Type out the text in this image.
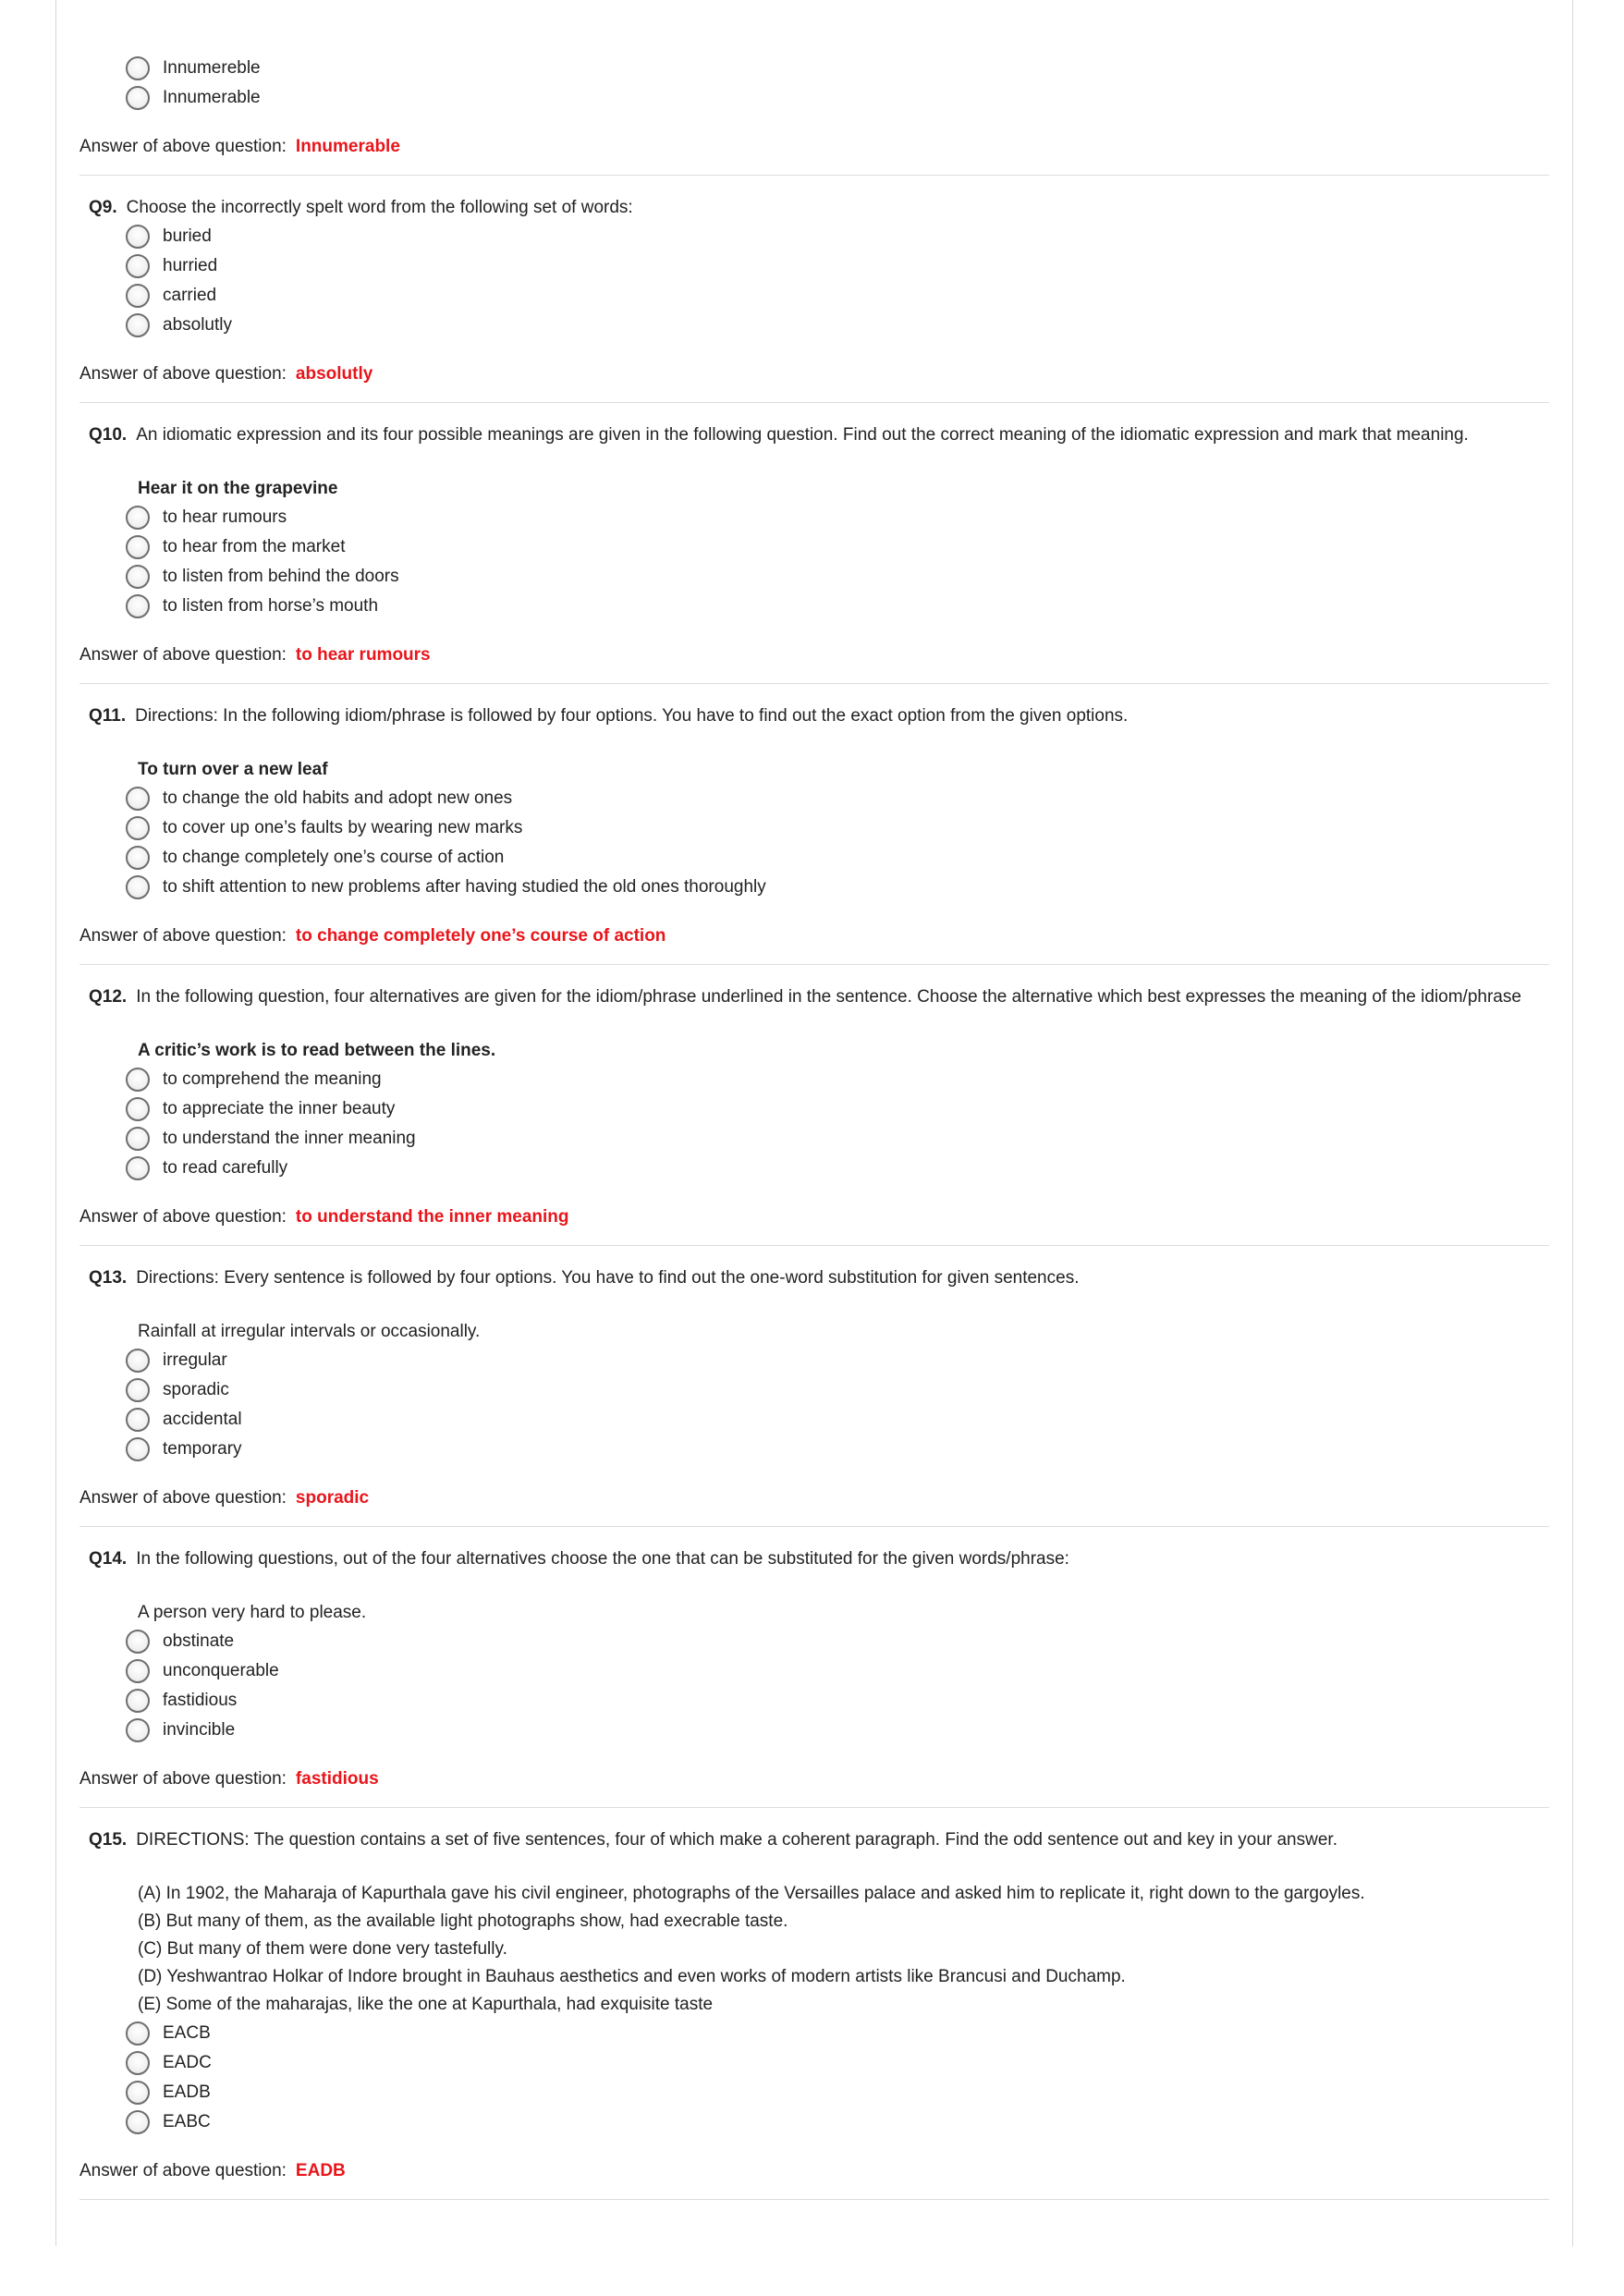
Innumereble
Innumerable
Answer of above question: Innumerable
Q9. Choose the incorrectly spelt word from the following set of words:
buried
hurried
carried
absolutly
Answer of above question: absolutly
Q10. An idiomatic expression and its four possible meanings are given in the following question. Find out the correct meaning of the idiomatic expression and mark that meaning.
Hear it on the grapevine
to hear rumours
to hear from the market
to listen from behind the doors
to listen from horse’s mouth
Answer of above question: to hear rumours
Q11. Directions: In the following idiom/phrase is followed by four options. You have to find out the exact option from the given options.
To turn over a new leaf
to change the old habits and adopt new ones
to cover up one’s faults by wearing new marks
to change completely one’s course of action
to shift attention to new problems after having studied the old ones thoroughly
Answer of above question: to change completely one’s course of action
Q12. In the following question, four alternatives are given for the idiom/phrase underlined in the sentence. Choose the alternative which best expresses the meaning of the idiom/phrase
A critic’s work is to read between the lines.
to comprehend the meaning
to appreciate the inner beauty
to understand the inner meaning
to read carefully
Answer of above question: to understand the inner meaning
Q13. Directions: Every sentence is followed by four options. You have to find out the one-word substitution for given sentences.
Rainfall at irregular intervals or occasionally.
irregular
sporadic
accidental
temporary
Answer of above question: sporadic
Q14. In the following questions, out of the four alternatives choose the one that can be substituted for the given words/phrase:
A person very hard to please.
obstinate
unconquerable
fastidious
invincible
Answer of above question: fastidious
Q15. DIRECTIONS: The question contains a set of five sentences, four of which make a coherent paragraph. Find the odd sentence out and key in your answer.
(A) In 1902, the Maharaja of Kapurthala gave his civil engineer, photographs of the Versailles palace and asked him to replicate it, right down to the gargoyles.
(B) But many of them, as the available light photographs show, had execrable taste.
(C) But many of them were done very tastefully.
(D) Yeshwantrao Holkar of Indore brought in Bauhaus aesthetics and even works of modern artists like Brancusi and Duchamp.
(E) Some of the maharajas, like the one at Kapurthala, had exquisite taste
EACB
EADC
EADB
EABC
Answer of above question: EADB
